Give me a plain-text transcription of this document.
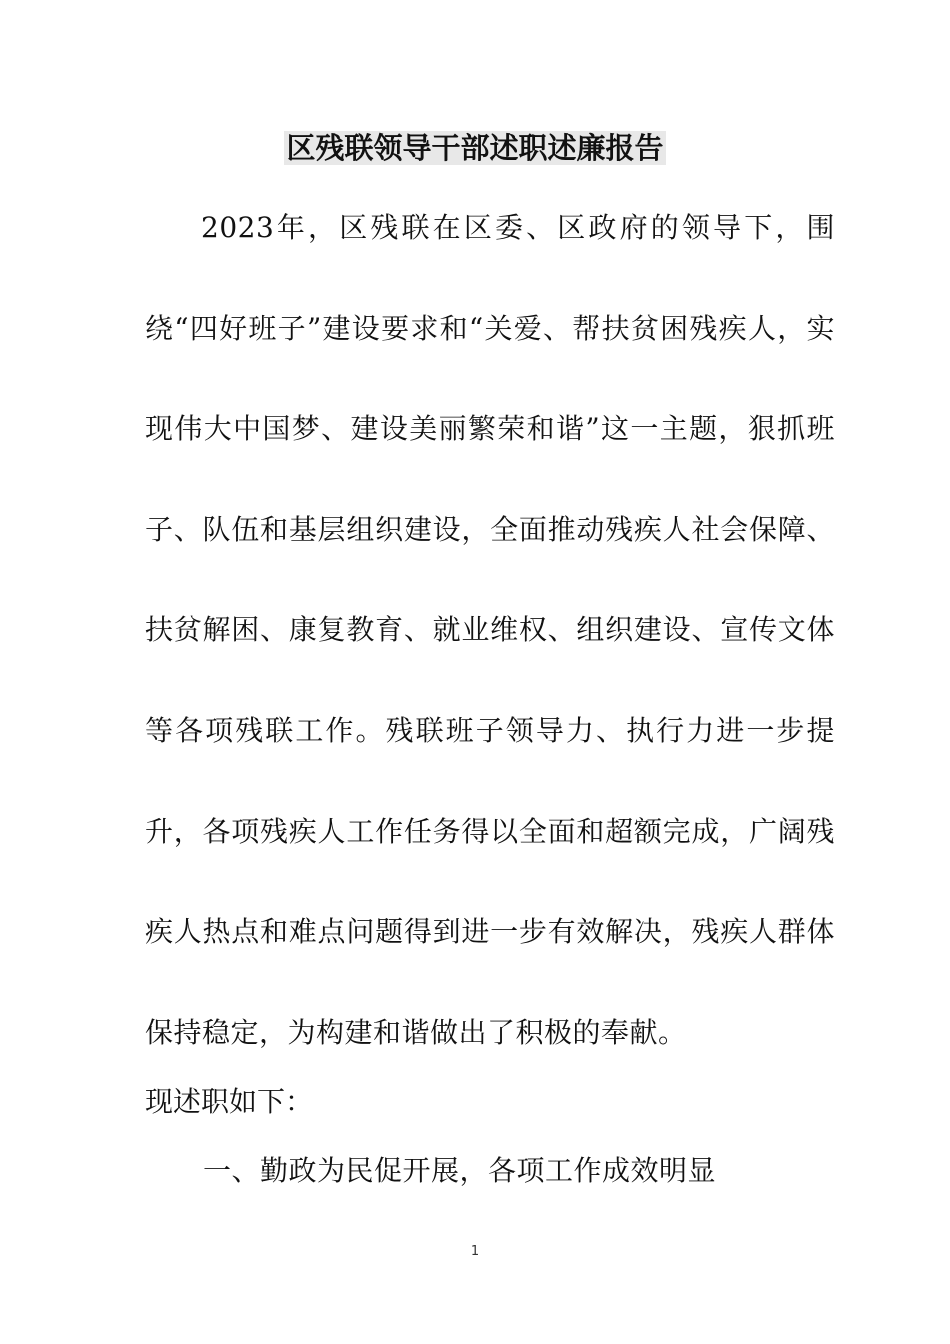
区残联领导干部述职述廉报告

2023年，区残联在区委、区政府的领导下，围绕“四好班子”建设要求和“关爱、帮扶贫困残疾人，实现伟大中国梦、建设美丽繁荣和谐”这一主题，狠抓班子、队伍和基层组织建设，全面推动残疾人社会保障、扶贫解困、康复教育、就业维权、组织建设、宣传文体等各项残联工作。残联班子领导力、执行力进一步提升，各项残疾人工作任务得以全面和超额完成，广阔残疾人热点和难点问题得到进一步有效解决，残疾人群体保持稳定，为构建和谐做出了积极的奉献。

现述职如下：

一、勤政为民促开展，各项工作成效明显

1
